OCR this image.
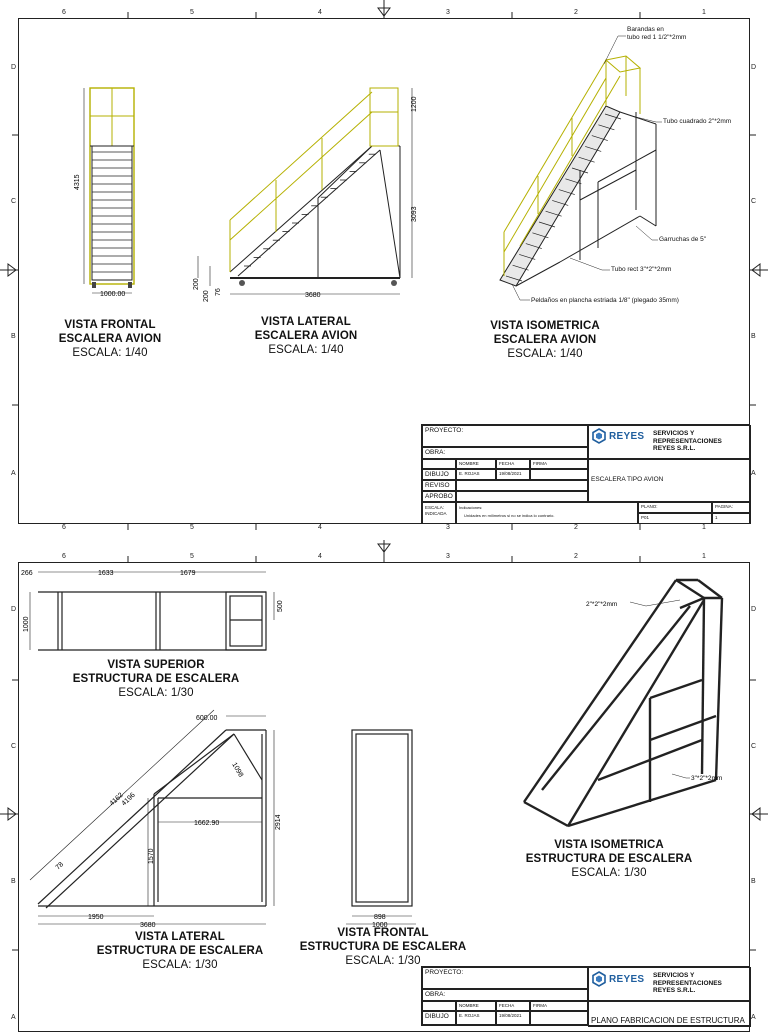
6	5	4	3	2	1
6	5	4	3	2	1
D
C
B
A
D
C
B
A
4315
1000.00
1200
3093
3680
200
200 76
Barandas en
tubo red 1 1/2"*2mm
Tubo cuadrado 2"*2mm
Garruchas de 5"
Tubo rect 3"*2"*2mm
Peldaños en plancha estriada 1/8" (plegado 35mm)
VISTA FRONTAL
ESCALERA AVION
ESCALA: 1/40
VISTA LATERAL
ESCALERA AVION
ESCALA: 1/40
VISTA ISOMETRICA
ESCALERA AVION
ESCALA: 1/40
PROYECTO:
OBRA:
NOMBRE	FECHA	FIRMA
DIBUJO	E. ROJAS	19/08/2021
REVISO
APROBO
ESCALA:
INDICADA
Indicaciones:
Unidades en milímetros si no se indica lo contrario.
ESCALERA TIPO AVION
PLANO:	PAGINA:
P01	1
REYES SERVICIOS Y
REPRESENTACIONES
REYES S.R.L.
6	5	4	3	2	1
D
C
B
A
D
C
B
A
266	1633	1679
1000
500
600.00
4162
4196
1098
1662.90
1570
2914
1950
3680
78
898
1000
2"*2"*2mm
3"*2"*2mm
VISTA SUPERIOR
ESTRUCTURA DE ESCALERA
ESCALA: 1/30
VISTA LATERAL
ESTRUCTURA DE ESCALERA
ESCALA: 1/30
VISTA FRONTAL
ESTRUCTURA DE ESCALERA
ESCALA: 1/30
VISTA ISOMETRICA
ESTRUCTURA DE ESCALERA
ESCALA: 1/30
PROYECTO:
OBRA:
NOMBRE	FECHA	FIRMA
DIBUJO	E. ROJAS	19/08/2021
PLANO FABRICACION DE ESTRUCTURA
REYES SERVICIOS Y
REPRESENTACIONES
REYES S.R.L.
